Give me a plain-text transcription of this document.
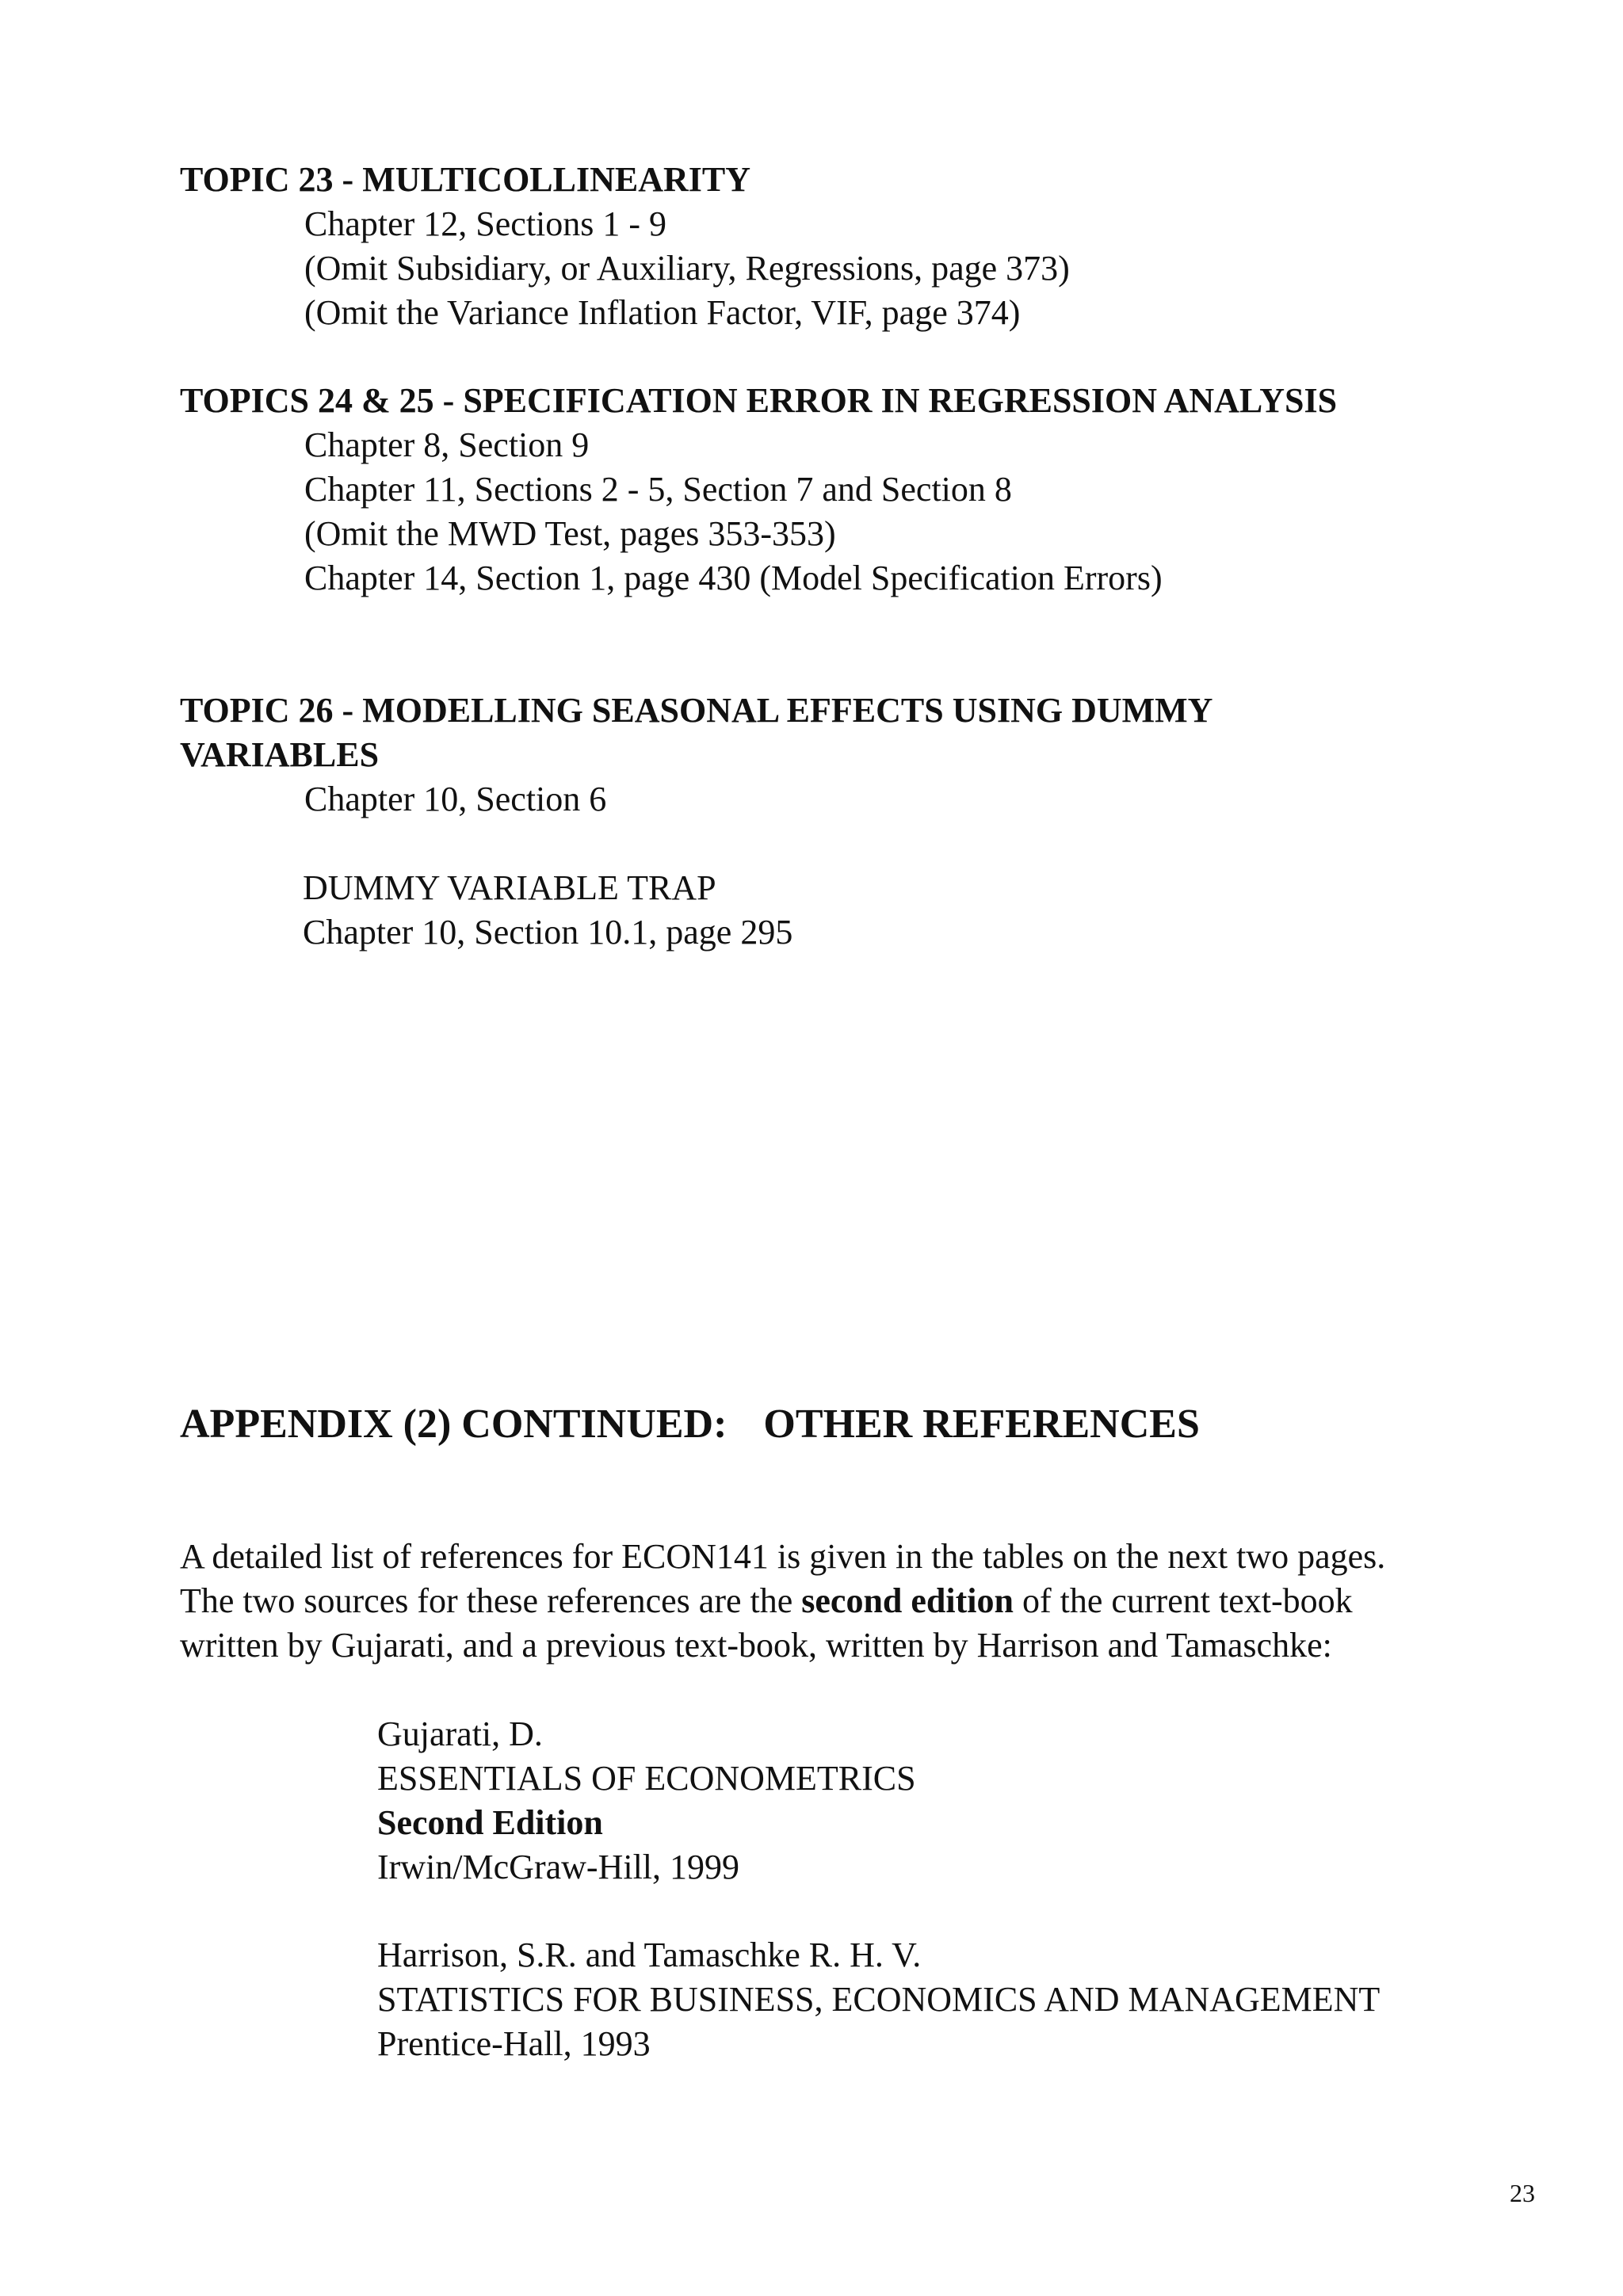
TOPIC 23 - MULTICOLLINEARITY
Chapter 12, Sections 1 - 9
(Omit Subsidiary, or Auxiliary, Regressions, page 373)
(Omit the Variance Inflation Factor, VIF, page 374)
TOPICS 24 & 25 - SPECIFICATION ERROR IN REGRESSION ANALYSIS
Chapter 8, Section 9
Chapter 11, Sections 2 - 5, Section 7 and Section 8
(Omit the MWD Test, pages 353-353)
Chapter 14, Section 1, page 430 (Model Specification Errors)
TOPIC 26 - MODELLING SEASONAL EFFECTS USING DUMMY
VARIABLES
Chapter 10, Section 6
DUMMY VARIABLE TRAP
Chapter 10, Section 10.1, page 295
APPENDIX (2) CONTINUED: OTHER REFERENCES
A detailed list of references for ECON141 is given in the tables on the next two pages.
The two sources for these references are the second edition of the current text-book
written by Gujarati, and a previous text-book, written by Harrison and Tamaschke:
Gujarati, D.
ESSENTIALS OF ECONOMETRICS
Second Edition
Irwin/McGraw-Hill, 1999
Harrison, S.R. and Tamaschke R. H. V.
STATISTICS FOR BUSINESS, ECONOMICS AND MANAGEMENT
Prentice-Hall, 1993
23
